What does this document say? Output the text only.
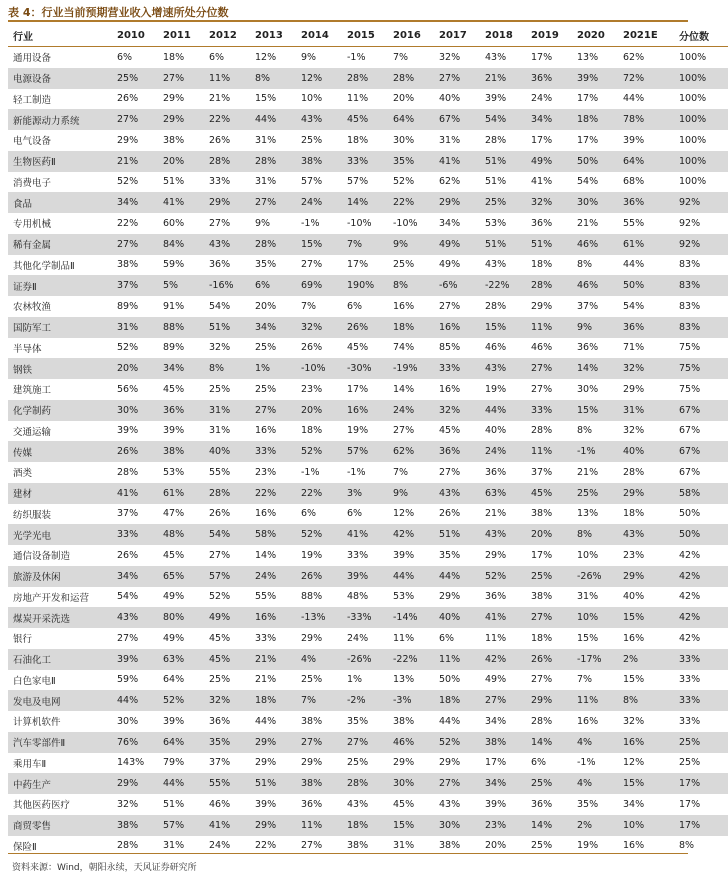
表 4：行业当前预期营业收入增速所处分位数
行业	2010	2011	2012	2013	2014	2015	2016	2017	2018	2019	2020	2021E	分位数
通用设备	6%	18%	6%	12%	9%	-1%	7%	32%	43%	17%	13%	62%	100%
电源设备	25%	27%	11%	8%	12%	28%	28%	27%	21%	36%	39%	72%	100%
轻工制造	26%	29%	21%	15%	10%	11%	20%	40%	39%	24%	17%	44%	100%
新能源动力系统	27%	29%	22%	44%	43%	45%	64%	67%	54%	34%	18%	78%	100%
电气设备	29%	38%	26%	31%	25%	18%	30%	31%	28%	17%	17%	39%	100%
生物医药Ⅱ	21%	20%	28%	28%	38%	33%	35%	41%	51%	49%	50%	64%	100%
消费电子	52%	51%	33%	31%	57%	57%	52%	62%	51%	41%	54%	68%	100%
食品	34%	41%	29%	27%	24%	14%	22%	29%	25%	32%	30%	36%	92%
专用机械	22%	60%	27%	9%	-1%	-10%	-10%	34%	53%	36%	21%	55%	92%
稀有金属	27%	84%	43%	28%	15%	7%	9%	49%	51%	51%	46%	61%	92%
其他化学制品Ⅱ	38%	59%	36%	35%	27%	17%	25%	49%	43%	18%	8%	44%	83%
证券Ⅱ	37%	5%	-16%	6%	69%	190%	8%	-6%	-22%	28%	46%	50%	83%
农林牧渔	89%	91%	54%	20%	7%	6%	16%	27%	28%	29%	37%	54%	83%
国防军工	31%	88%	51%	34%	32%	26%	18%	16%	15%	11%	9%	36%	83%
半导体	52%	89%	32%	25%	26%	45%	74%	85%	46%	46%	36%	71%	75%
钢铁	20%	34%	8%	1%	-10%	-30%	-19%	33%	43%	27%	14%	32%	75%
建筑施工	56%	45%	25%	25%	23%	17%	14%	16%	19%	27%	30%	29%	75%
化学制药	30%	36%	31%	27%	20%	16%	24%	32%	44%	33%	15%	31%	67%
交通运输	39%	39%	31%	16%	18%	19%	27%	45%	40%	28%	8%	32%	67%
传媒	26%	38%	40%	33%	52%	57%	62%	36%	24%	11%	-1%	40%	67%
酒类	28%	53%	55%	23%	-1%	-1%	7%	27%	36%	37%	21%	28%	67%
建材	41%	61%	28%	22%	22%	3%	9%	43%	63%	45%	25%	29%	58%
纺织服装	37%	47%	26%	16%	6%	6%	12%	26%	21%	38%	13%	18%	50%
光学光电	33%	48%	54%	58%	52%	41%	42%	51%	43%	20%	8%	43%	50%
通信设备制造	26%	45%	27%	14%	19%	33%	39%	35%	29%	17%	10%	23%	42%
旅游及休闲	34%	65%	57%	24%	26%	39%	44%	44%	52%	25%	-26%	29%	42%
房地产开发和运营	54%	49%	52%	55%	88%	48%	53%	29%	36%	38%	31%	40%	42%
煤炭开采洗选	43%	80%	49%	16%	-13%	-33%	-14%	40%	41%	27%	10%	15%	42%
银行	27%	49%	45%	33%	29%	24%	11%	6%	11%	18%	15%	16%	42%
石油化工	39%	63%	45%	21%	4%	-26%	-22%	11%	42%	26%	-17%	2%	33%
白色家电Ⅱ	59%	64%	25%	21%	25%	1%	13%	50%	49%	27%	7%	15%	33%
发电及电网	44%	52%	32%	18%	7%	-2%	-3%	18%	27%	29%	11%	8%	33%
计算机软件	30%	39%	36%	44%	38%	35%	38%	44%	34%	28%	16%	32%	33%
汽车零部件Ⅱ	76%	64%	35%	29%	27%	27%	46%	52%	38%	14%	4%	16%	25%
乘用车Ⅱ	143%	79%	37%	29%	29%	25%	29%	29%	17%	6%	-1%	12%	25%
中药生产	29%	44%	55%	51%	38%	28%	30%	27%	34%	25%	4%	15%	17%
其他医药医疗	32%	51%	46%	39%	36%	43%	45%	43%	39%	36%	35%	34%	17%
商贸零售	38%	57%	41%	29%	11%	18%	15%	30%	23%	14%	2%	10%	17%
保险Ⅱ	28%	31%	24%	22%	27%	38%	31%	38%	20%	25%	19%	16%	8%
资料来源：Wind，朝阳永续，天风证券研究所
